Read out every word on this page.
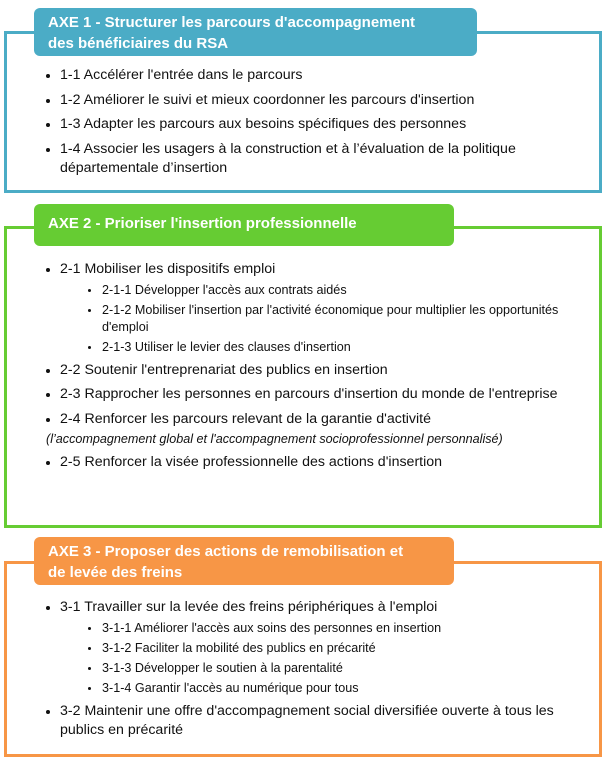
AXE 1 - Structurer les parcours d'accompagnement
des bénéficiaires du RSA
1-1 Accélérer l'entrée dans le parcours
1-2 Améliorer le suivi et mieux coordonner les parcours d'insertion
1-3 Adapter les parcours aux besoins spécifiques des personnes
1-4 Associer les usagers à la construction et à l’évaluation de la politique départementale d’insertion
AXE 2 - Prioriser l'insertion professionnelle
2-1 Mobiliser les dispositifs emploi
2-1-1 Développer l'accès aux contrats aidés
2-1-2 Mobiliser l'insertion par l'activité économique pour multiplier les opportunités d'emploi
2-1-3 Utiliser le levier des clauses d'insertion
2-2 Soutenir l'entreprenariat des publics en insertion
2-3 Rapprocher les personnes en parcours d'insertion du monde de l'entreprise
2-4 Renforcer les parcours relevant de la garantie d'activité
(l’accompagnement global et l'accompagnement socioprofessionnel personnalisé)
2-5 Renforcer la visée professionnelle des actions d'insertion
AXE 3 - Proposer des actions de remobilisation et
de levée des freins
3-1 Travailler sur la levée des freins périphériques à l'emploi
3-1-1 Améliorer l'accès aux soins des personnes en insertion
3-1-2 Faciliter la mobilité des publics en précarité
3-1-3 Développer le soutien à la parentalité
3-1-4 Garantir l'accès au numérique pour tous
3-2 Maintenir une offre d'accompagnement social diversifiée ouverte à tous les publics en précarité
